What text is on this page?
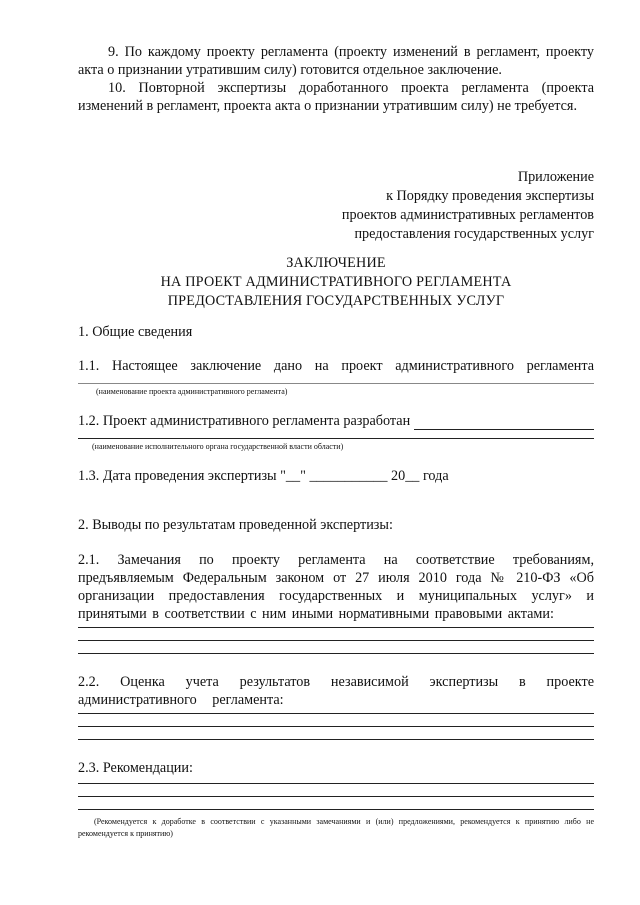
9. По каждому проекту регламента (проекту изменений в регламент, проекту акта о признании утратившим силу) готовится отдельное заключение.

10. Повторной экспертизы доработанного проекта регламента (проекта изменений в регламент, проекта акта о признании утратившим силу) не требуется.

Приложение
к Порядку проведения экспертизы
проектов административных регламентов
предоставления государственных услуг
ЗАКЛЮЧЕНИЕ
НА ПРОЕКТ АДМИНИСТРАТИВНОГО РЕГЛАМЕНТА
ПРЕДОСТАВЛЕНИЯ ГОСУДАРСТВЕННЫХ УСЛУГ
1. Общие сведения
1.1. Настоящее заключение дано на проект административного регламента
(наименование проекта административного регламента)
1.2. Проект административного регламента разработан
(наименование исполнительного органа государственной власти области)
1.3. Дата проведения экспертизы "__" ___________ 20__ года
2. Выводы по результатам проведенной экспертизы:

2.1. Замечания по проекту регламента на соответствие требованиям, предъявляемым Федеральным законом от 27 июля 2010 года № 210-ФЗ «Об организации предоставления государственных и муниципальных услуг» и принятыми в соответствии с ним иными нормативными правовыми актами:

2.2. Оценка учета результатов независимой экспертизы в проекте административного регламента:

2.3. Рекомендации:
(Рекомендуется к доработке в соответствии с указанными замечаниями и (или) предложениями, рекомендуется к принятию либо не рекомендуется к принятию)
